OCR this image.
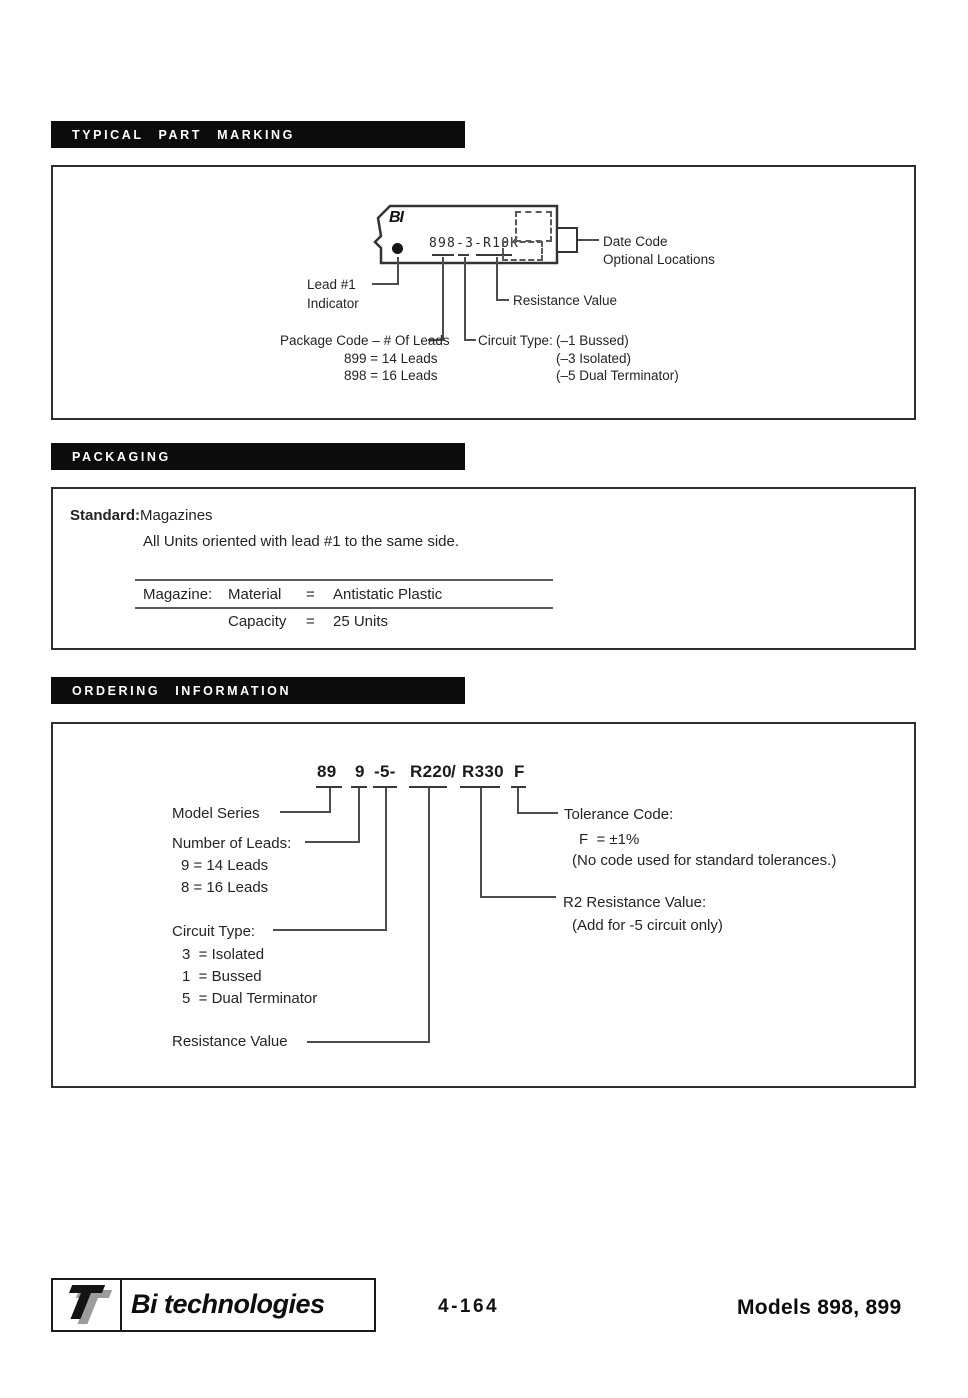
TYPICAL PART MARKING
BI
898-3-R10K	Date Code
Optional Locations
Lead #1
Indicator	Resistance Value
Package Code – # Of Leads
899 = 14 Leads
898 = 16 Leads
Circuit Type: (–1 Bussed)
(–3 Isolated)
(–5 Dual Terminator)
PACKAGING
Standard: Magazines
All Units oriented with lead #1 to the same side.
Magazine: Material = Antistatic Plastic
Capacity = 25 Units
ORDERING INFORMATION
89 9 -5- R220 / R330 F
Model Series
Number of Leads:
9 = 14 Leads
8 = 16 Leads
Circuit Type:
3  = Isolated
1  = Bussed
5  = Dual Terminator
Resistance Value
Tolerance Code:
F  = ±1%
(No code used for standard tolerances.)
R2 Resistance Value:
(Add for -5 circuit only)
Bi technologies	4-164	Models 898, 899
